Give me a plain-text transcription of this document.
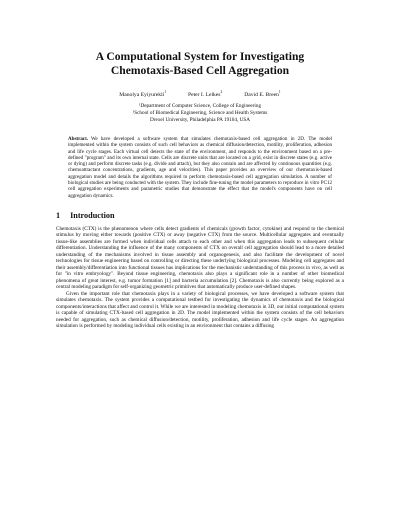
A Computational System for Investigating
Chemotaxis-Based Cell Aggregation
Manolya Eyiyurekli$^1$	Peter I. Lelkes$^2$	David E. Breen$^1$
¹Department of Computer Science, College of Engineering
²School of Biomedical Engineering, Science and Health Systems
Drexel University, Philadelphia PA 19104, USA

Abstract. We have developed a software system that simulates chemotaxis-based cell aggregation in 2D. The model implemented within the system consists of such cell behaviors as chemical diffusion/detection, motility, proliferation, adhesion and life cycle stages. Each virtual cell detects the state of the environment, and responds to the environment based on a pre-defined "program" and its own internal state. Cells are discrete units that are located on a grid, exist in discrete states (e.g. active or dying) and perform discrete tasks (e.g. divide and attach), but they also contain and are affected by continuous quantities (e.g. chemoattractant concentrations, gradients, age and velocities). This paper provides an overview of our chemotaxis-based aggregation model and details the algorithms required to perform chemotaxis-based cell aggregation simulation. A number of biological studies are being conducted with the system. They include fine-tuning the model parameters to reproduce in vitro PC12 cell aggregation experiments and parametric studies that demonstrate the effect that the model's components have on cell aggregation dynamics.

1 Introduction

Chemotaxis (CTX) is the phenomenon where cells detect gradients of chemicals (growth factor, cytokine) and respond to the chemical stimulus by moving either towards (positive CTX) or away (negative CTX) from the source. Multicellular aggregates and eventually tissue-like assemblies are formed when individual cells attach to each other and when this aggregation leads to subsequent cellular differentiation. Understanding the influence of the many components of CTX on overall cell aggregation should lead to a more detailed understanding of the mechanisms involved in tissue assembly and organogenesis, and also facilitate the development of novel technologies for tissue engineering based on controlling or directing these underlying biological processes. Modeling cell aggregates and their assembly/differentiation into functional tissues has implications for the mechanistic understanding of this process in vivo, as well as for "in vitro embryology". Beyond tissue engineering, chemotaxis also plays a significant role in a number of other biomedical phenomena of great interest, e.g. tumor formation [1] and bacteria accumulation [2]. Chemotaxis is also currently being explored as a central modeling paradigm for self-organizing geometric primitives that automatically produce user-defined shapes.

Given the important role that chemotaxis plays in a variety of biological processes, we have developed a software system that simulates chemotaxis. The system provides a computational testbed for investigating the dynamics of chemotaxis and the biological components/interactions that affect and control it. While we are interested in modeling chemotaxis in 3D, our initial computational system is capable of simulating CTX-based cell aggregation in 2D. The model implemented within the system consists of the cell behaviors needed for aggregation, such as chemical diffusion/detection, motility, proliferation, adhesion and life cycle stages. An aggregation simulation is performed by modeling individual cells existing in an environment that contains a diffusing
